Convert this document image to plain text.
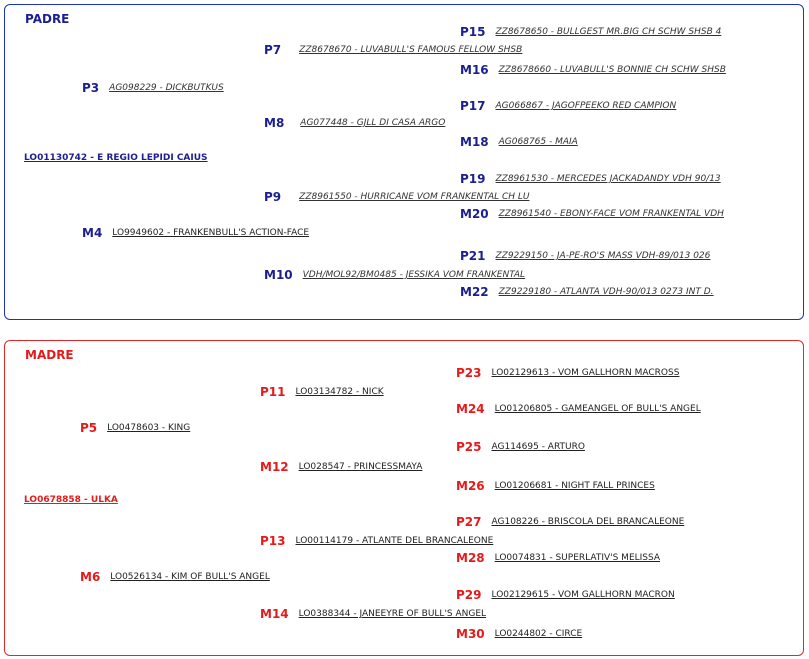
PADRE
LO01130742 - E REGIO LEPIDI CAIUS
P3 AG098229 - DICKBUTKUS
M4 LO9949602 - FRANKENBULL'S ACTION-FACE
P7 ZZ8678670 - LUVABULL'S FAMOUS FELLOW SHSB
M8 AG077448 - GJLL DI CASA ARGO
P9 ZZ8961550 - HURRICANE VOM FRANKENTAL CH LU
M10 VDH/MOL92/BM0485 - JESSIKA VOM FRANKENTAL
P15 ZZ8678650 - BULLGEST MR.BIG CH SCHW SHSB 4
M16 ZZ8678660 - LUVABULL'S BONNIE CH SCHW SHSB
P17 AG066867 - JAGOFPEEKO RED CAMPION
M18 AG068765 - MAIA
P19 ZZ8961530 - MERCEDES JACKADANDY VDH 90/13
M20 ZZ8961540 - EBONY-FACE VOM FRANKENTAL VDH
P21 ZZ9229150 - JA-PE-RO'S MASS VDH-89/013 026
M22 ZZ9229180 - ATLANTA VDH-90/013 0273 INT D.
MADRE
LO0678858 - ULKA
P5 LO0478603 - KING
M6 LO0526134 - KIM OF BULL'S ANGEL
P11 LO03134782 - NICK
M12 LO028547 - PRINCESSMAYA
P13 LO00114179 - ATLANTE DEL BRANCALEONE
M14 LO0388344 - JANEEYRE OF BULL'S ANGEL
P23 LO02129613 - VOM GALLHORN MACROSS
M24 LO01206805 - GAMEANGEL OF BULL'S ANGEL
P25 AG114695 - ARTURO
M26 LO01206681 - NIGHT FALL PRINCES
P27 AG108226 - BRISCOLA DEL BRANCALEONE
M28 LO0074831 - SUPERLATIV'S MELISSA
P29 LO02129615 - VOM GALLHORN MACRON
M30 LO0244802 - CIRCE
